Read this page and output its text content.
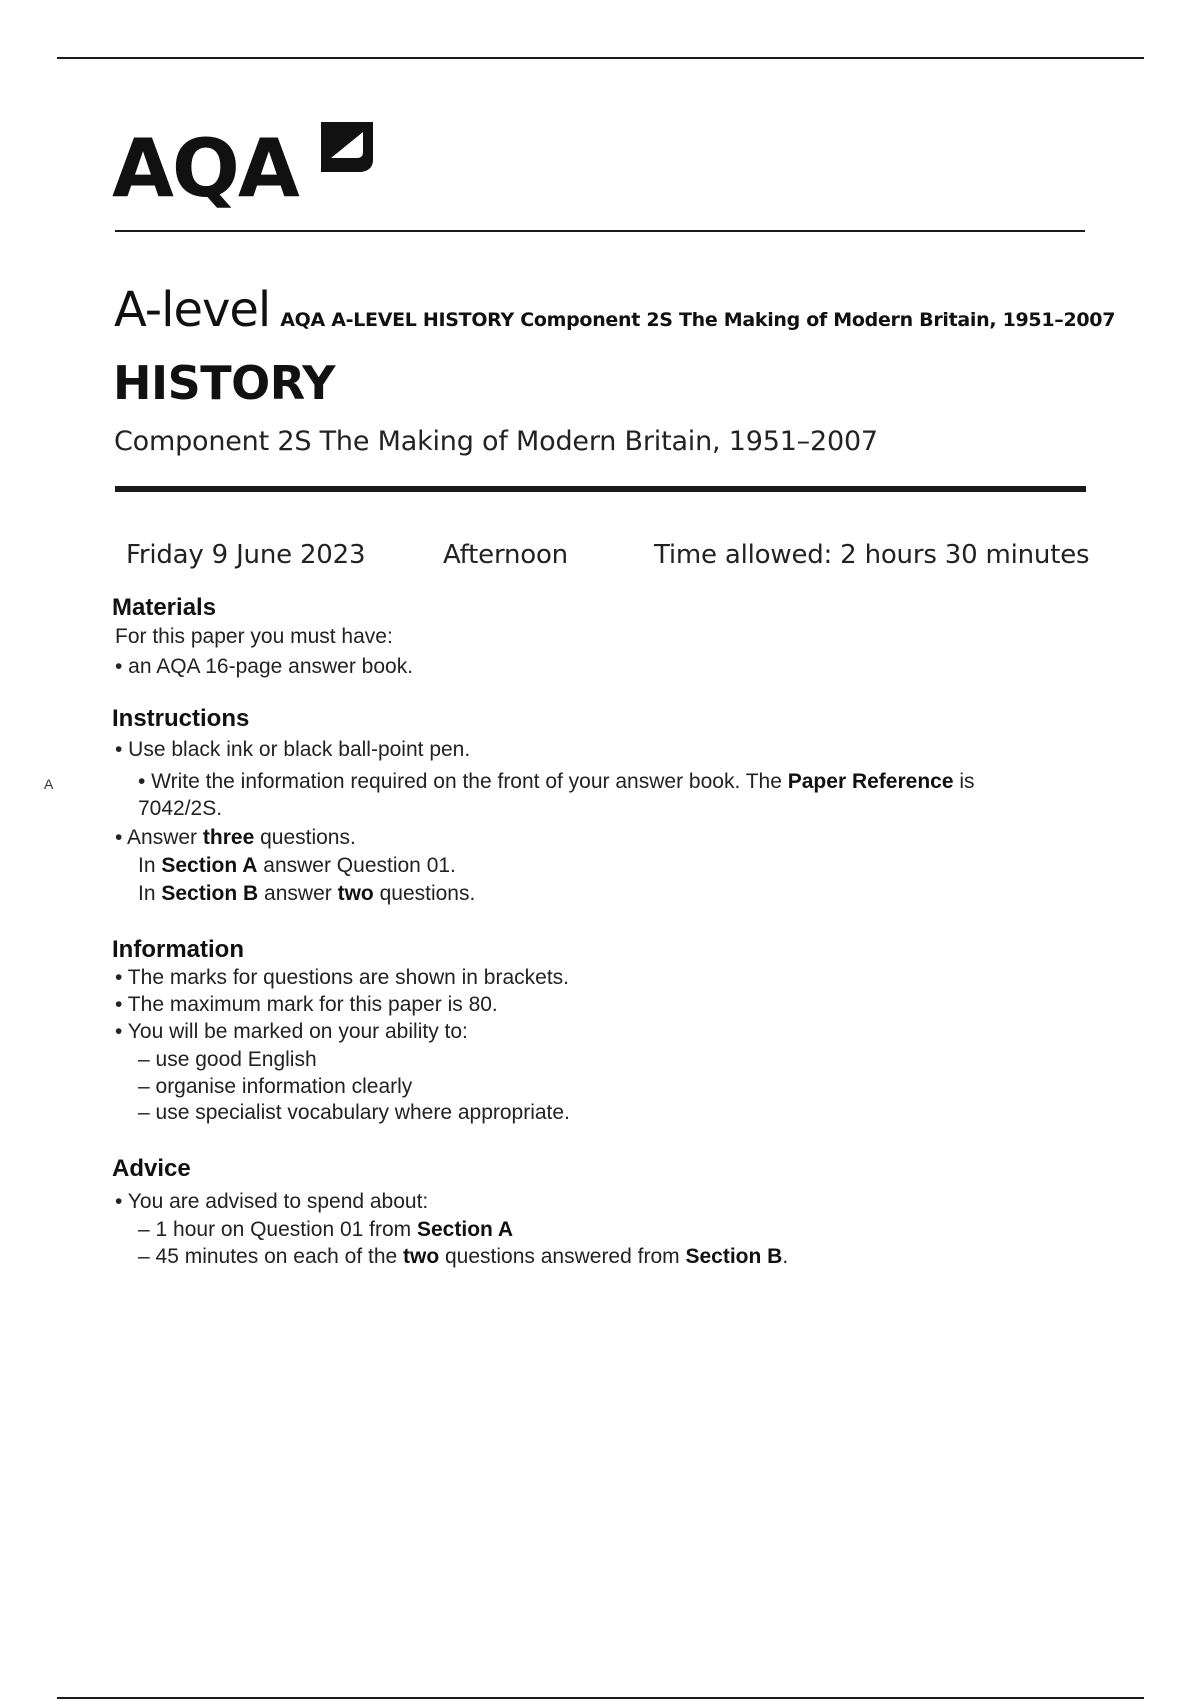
AQA
A-level AQA A-LEVEL HISTORY Component 2S The Making of Modern Britain, 1951–2007
HISTORY
Component 2S The Making of Modern Britain, 1951–2007
Friday 9 June 2023	Afternoon	Time allowed: 2 hours 30 minutes
Materials
For this paper you must have:
• an AQA 16-page answer book.
Instructions
• Use black ink or black ball-point pen.
A	• Write the information required on the front of your answer book. The Paper Reference is
7042/2S.
• Answer three questions.
In Section A answer Question 01.
In Section B answer two questions.
Information
• The marks for questions are shown in brackets.
• The maximum mark for this paper is 80.
• You will be marked on your ability to:
– use good English
– organise information clearly
– use specialist vocabulary where appropriate.
Advice
• You are advised to spend about:
– 1 hour on Question 01 from Section A
– 45 minutes on each of the two questions answered from Section B.
